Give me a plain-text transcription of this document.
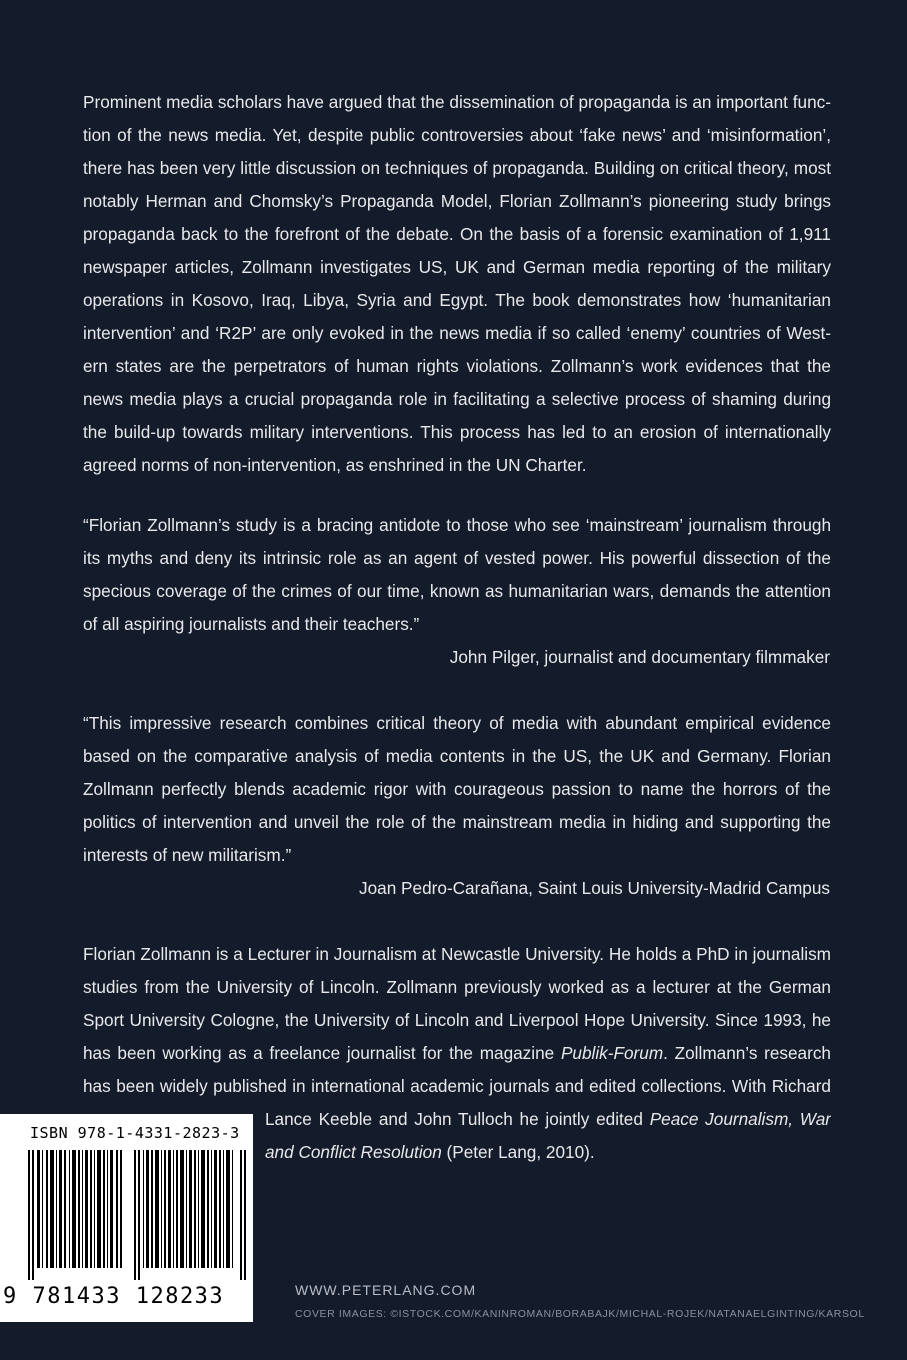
Prominent media scholars have argued that the dissemination of propaganda is an important func-
tion of the news media. Yet, despite public controversies about ‘fake news’ and ‘misinformation’,
there has been very little discussion on techniques of propaganda. Building on critical theory, most
notably Herman and Chomsky’s Propaganda Model, Florian Zollmann’s pioneering study brings
propaganda back to the forefront of the debate. On the basis of a forensic examination of 1,911
newspaper articles, Zollmann investigates US, UK and German media reporting of the military
operations in Kosovo, Iraq, Libya, Syria and Egypt. The book demonstrates how ‘humanitarian
intervention’ and ‘R2P’ are only evoked in the news media if so called ‘enemy’ countries of West-
ern states are the perpetrators of human rights violations. Zollmann’s work evidences that the
news media plays a crucial propaganda role in facilitating a selective process of shaming during
the build-up towards military interventions. This process has led to an erosion of internationally
agreed norms of non-intervention, as enshrined in the UN Charter.
“Florian Zollmann’s study is a bracing antidote to those who see ‘mainstream’ journalism through
its myths and deny its intrinsic role as an agent of vested power. His powerful dissection of the
specious coverage of the crimes of our time, known as humanitarian wars, demands the attention
of all aspiring journalists and their teachers.”
John Pilger, journalist and documentary filmmaker
“This impressive research combines critical theory of media with abundant empirical evidence
based on the comparative analysis of media contents in the US, the UK and Germany. Florian
Zollmann perfectly blends academic rigor with courageous passion to name the horrors of the
politics of intervention and unveil the role of the mainstream media in hiding and supporting the
interests of new militarism.”
Joan Pedro-Carañana, Saint Louis University-Madrid Campus
Florian Zollmann is a Lecturer in Journalism at Newcastle University. He holds a PhD in journalism
studies from the University of Lincoln. Zollmann previously worked as a lecturer at the German
Sport University Cologne, the University of Lincoln and Liverpool Hope University. Since 1993, he
has been working as a freelance journalist for the magazine Publik-Forum. Zollmann’s research
has been widely published in international academic journals and edited collections. With Richard
Lance Keeble and John Tulloch he jointly edited Peace Journalism, War
and Conflict Resolution (Peter Lang, 2010).
ISBN 978-1-4331-2823-3
9 781433 128233	WWW.PETERLANG.COM
COVER IMAGES: ©ISTOCK.COM/KANINROMAN/BORABAJK/MICHAL-ROJEK/NATANAELGINTING/KARSOL
